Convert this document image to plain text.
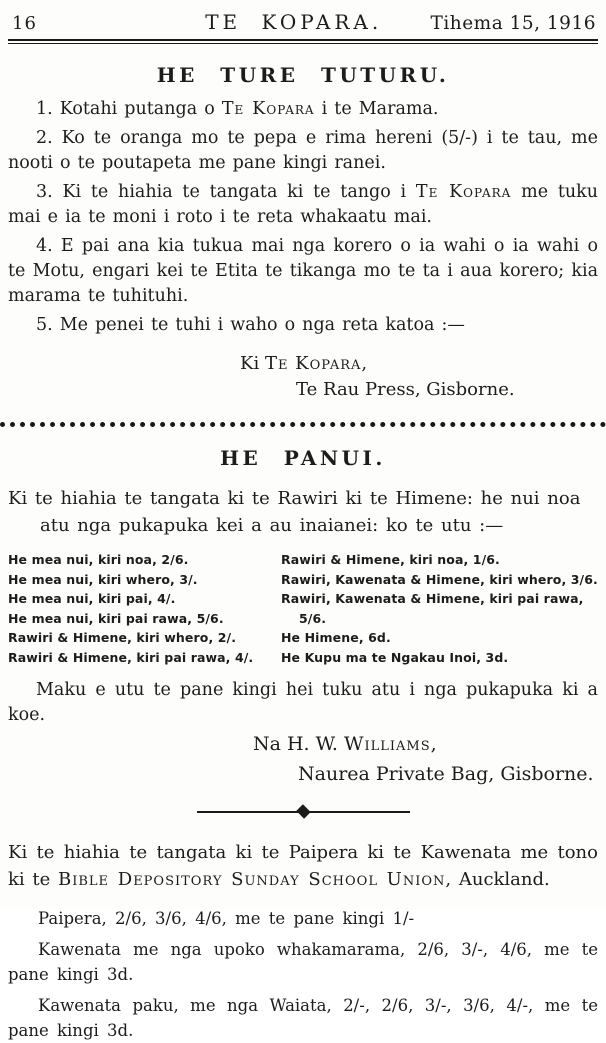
16	TE KOPARA.	Tihema 15, 1916
HE TURE TUTURU.

1. Kotahi putanga o Te Kopara i te Marama.

2. Ko te oranga mo te pepa e rima hereni (5/-) i te tau, me nooti o te poutapeta me pane kingi ranei.

3. Ki te hiahia te tangata ki te tango i Te Kopara me tuku mai e ia te moni i roto i te reta whakaatu mai.

4. E pai ana kia tukua mai nga korero o ia wahi o ia wahi o te Motu, engari kei te Etita te tikanga mo te ta i aua korero; kia marama te tuhituhi.

5. Me penei te tuhi i waho o nga reta katoa :—

Ki Te Kopara,
Te Rau Press, Gisborne.
HE PANUI.

Ki te hiahia te tangata ki te Rawiri ki te Himene: he nui noa atu nga pukapuka kei a au inaianei: ko te utu :—

He mea nui, kiri noa, 2/6.
He mea nui, kiri whero, 3/.
He mea nui, kiri pai, 4/.
He mea nui, kiri pai rawa, 5/6.
Rawiri & Himene, kiri whero, 2/.
Rawiri & Himene, kiri pai rawa, 4/.
Rawiri & Himene, kiri noa, 1/6.
Rawiri, Kawenata & Himene, kiri whero, 3/6.
Rawiri, Kawenata & Himene, kiri pai rawa,
5/6.
He Himene, 6d.
He Kupu ma te Ngakau Inoi, 3d.

Maku e utu te pane kingi hei tuku atu i nga pukapuka ki a koe.

Na H. W. Williams,
Naurea Private Bag, Gisborne.

Ki te hiahia te tangata ki te Paipera ki te Kawenata me tono ki te Bible Depository Sunday School Union, Auckland.

Paipera, 2/6, 3/6, 4/6, me te pane kingi 1/-

Kawenata me nga upoko whakamarama, 2/6, 3/-, 4/6, me te pane kingi 3d.

Kawenata paku, me nga Waiata, 2/-, 2/6, 3/-, 3/6, 4/-, me te pane kingi 3d.
